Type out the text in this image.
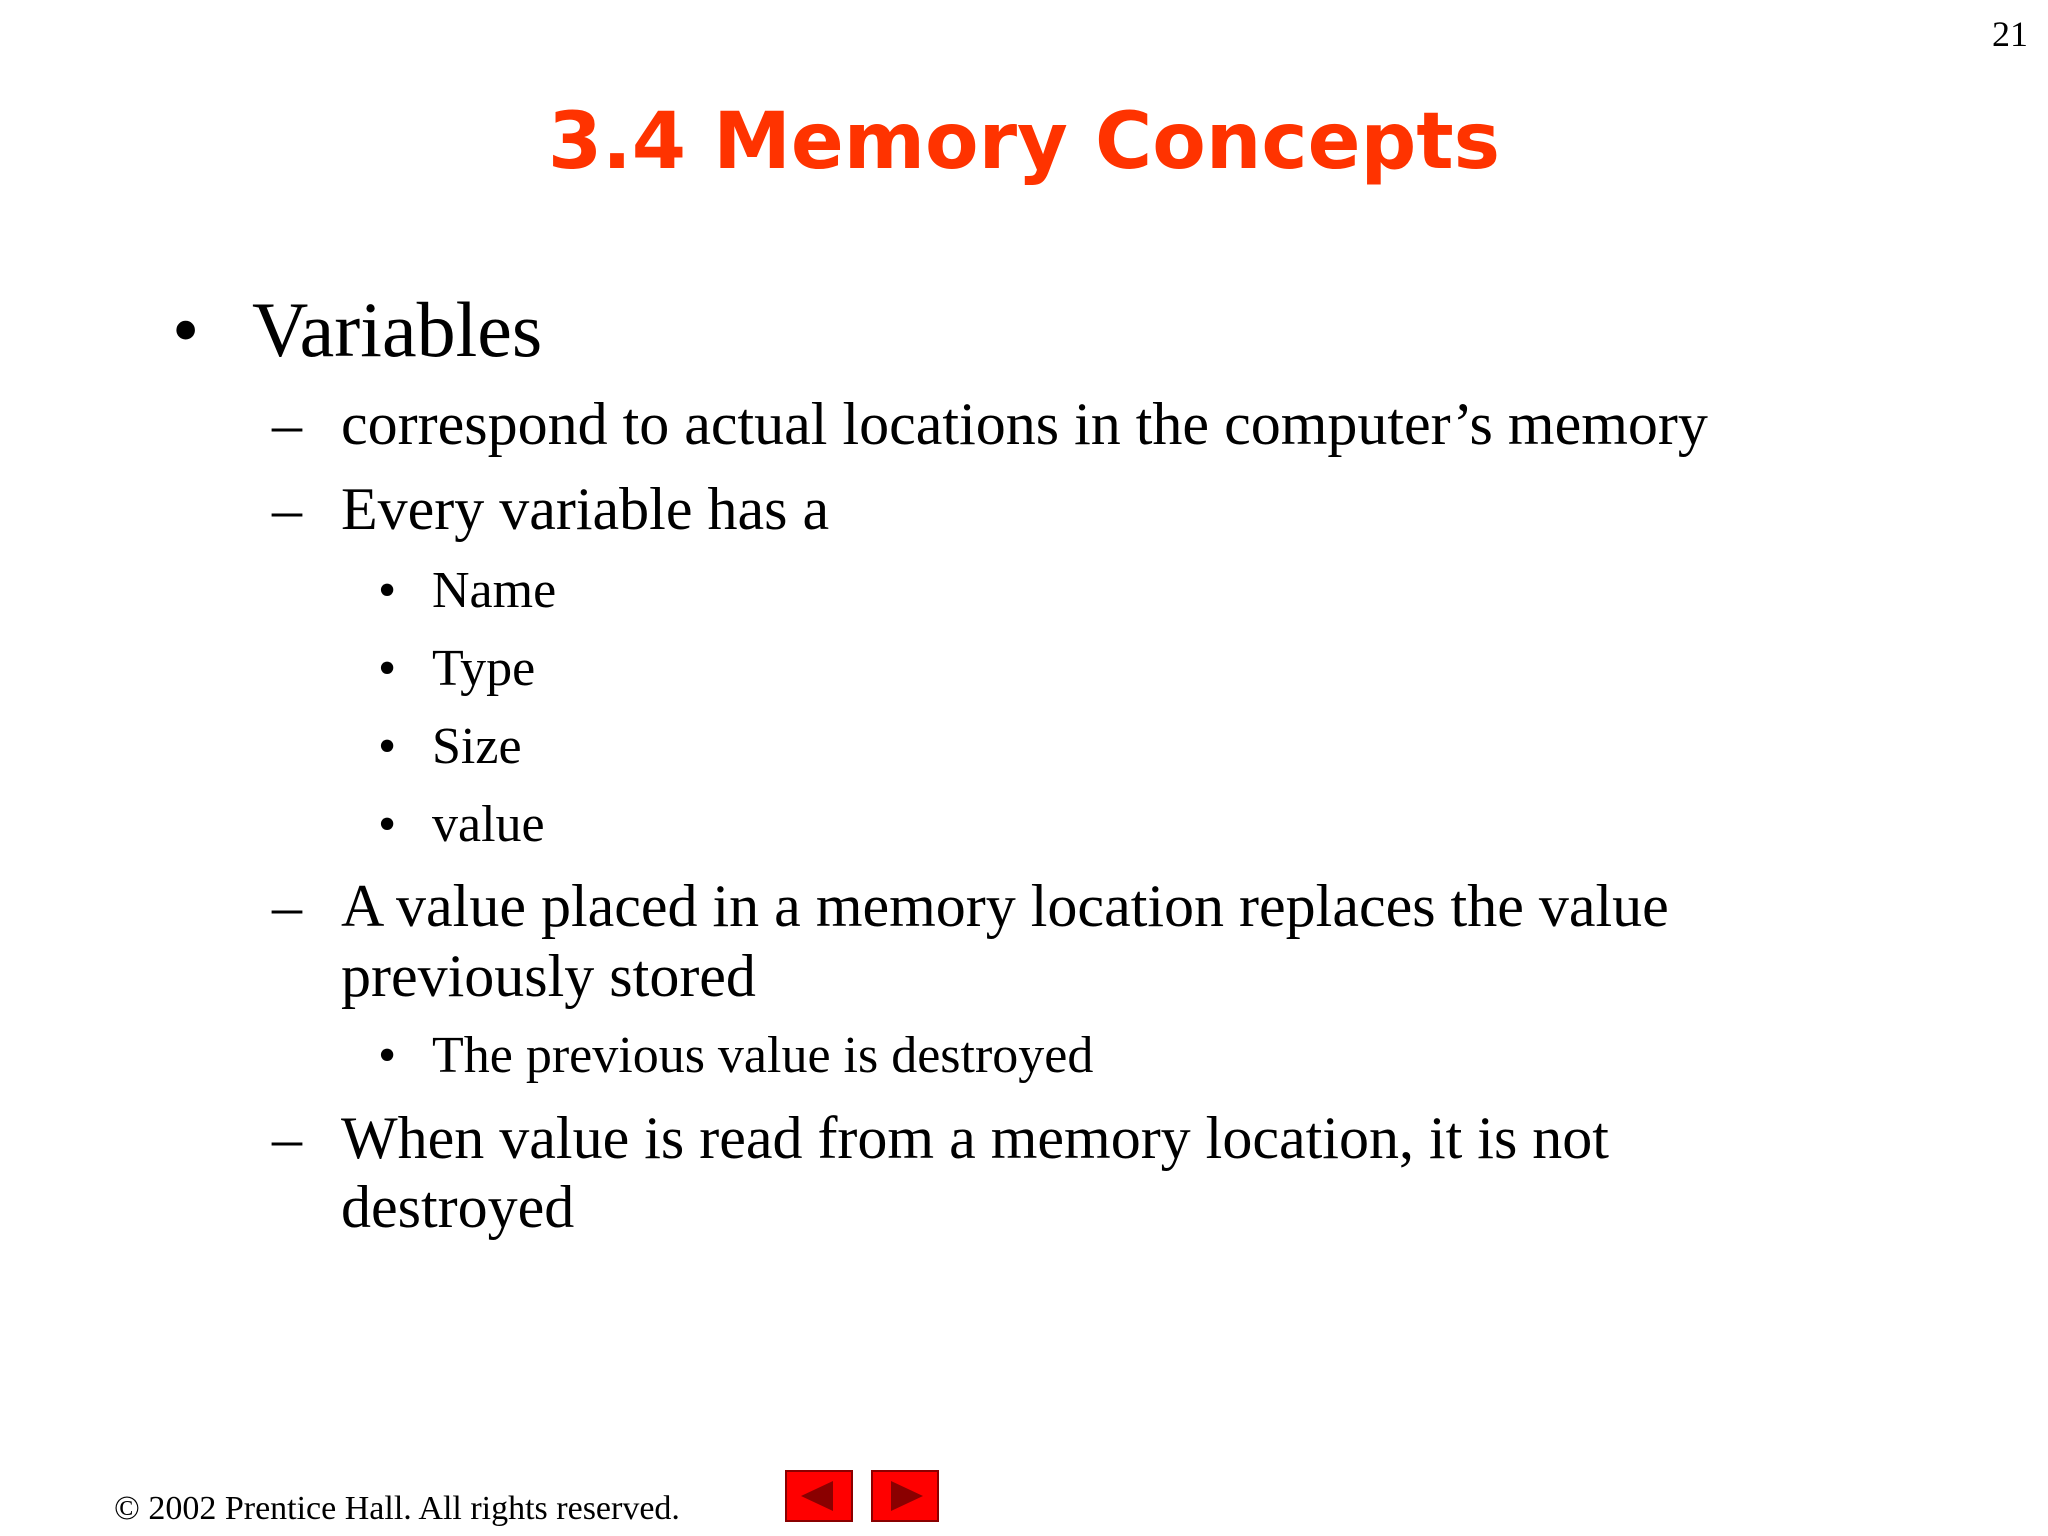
21
3.4 Memory Concepts
• Variables
– correspond to actual locations in the computer’s memory
– Every variable has a
• Name
• Type
• Size
• value
– A value placed in a memory location replaces the value
previously stored
• The previous value is destroyed
– When value is read from a memory location, it is not
destroyed
© 2002 Prentice Hall. All rights reserved.
